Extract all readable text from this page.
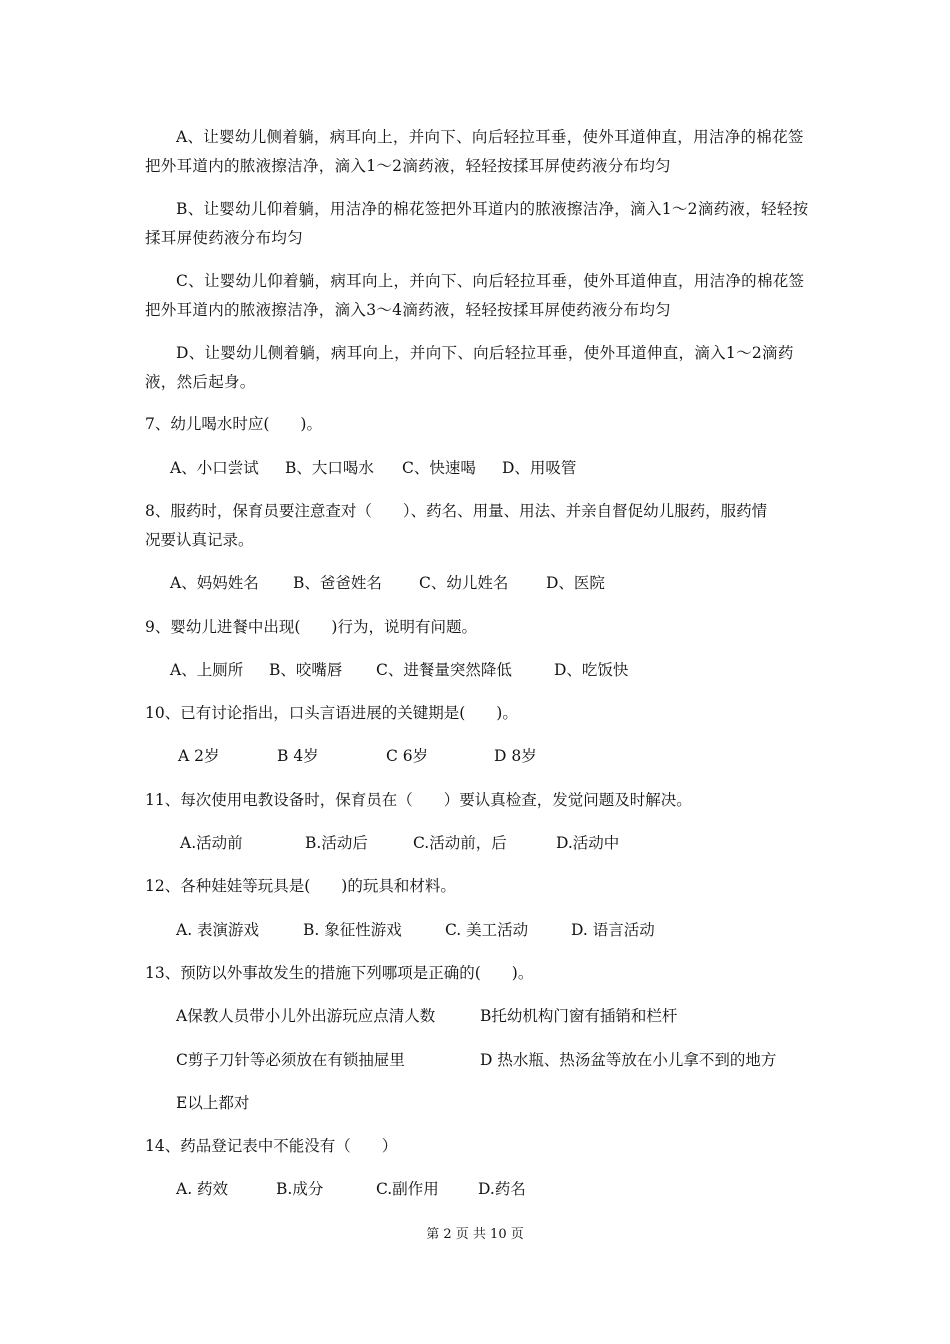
A、让婴幼儿侧着躺，病耳向上，并向下、向后轻拉耳垂，使外耳道伸直，用洁净的棉花签把外耳道内的脓液擦洁净，滴入1～2滴药液，轻轻按揉耳屏使药液分布均匀

B、让婴幼儿仰着躺，用洁净的棉花签把外耳道内的脓液擦洁净，滴入1～2滴药液，轻轻按揉耳屏使药液分布均匀

C、让婴幼儿仰着躺，病耳向上，并向下、向后轻拉耳垂，使外耳道伸直，用洁净的棉花签把外耳道内的脓液擦洁净，滴入3～4滴药液，轻轻按揉耳屏使药液分布均匀

D、让婴幼儿侧着躺，病耳向上，并向下、向后轻拉耳垂，使外耳道伸直，滴入1～2滴药液，然后起身。

7、幼儿喝水时应(　　)。

A、小口尝试 B、大口喝水 C、快速喝 D、用吸管

8、服药时，保育员要注意查对（　　）、药名、用量、用法、并亲自督促幼儿服药，服药情

况要认真记录。

A、妈妈姓名 B、爸爸姓名 C、幼儿姓名 D、医院

9、婴幼儿进餐中出现(　　)行为，说明有问题。

A、上厕所 B、咬嘴唇 C、进餐量突然降低	D、吃饭快

10、已有讨论指出，口头言语进展的关键期是(　　)。

A 2岁	B 4岁	C 6岁	D 8岁

11、每次使用电教设备时，保育员在（　　）要认真检查，发觉问题及时解决。

A.活动前	B.活动后	C.活动前，后	D.活动中

12、各种娃娃等玩具是(　　)的玩具和材料。

A. 表演游戏	B. 象征性游戏	C. 美工活动	D. 语言活动

13、预防以外事故发生的措施下列哪项是正确的(　　)。

A保教人员带小儿外出游玩应点清人数	B托幼机构门窗有插销和栏杆

C剪子刀针等必须放在有锁抽屉里	D 热水瓶、热汤盆等放在小儿拿不到的地方

E以上都对

14、药品登记表中不能没有（　　）

A. 药效	B.成分	C.副作用	D.药名

第 2 页 共 10 页
